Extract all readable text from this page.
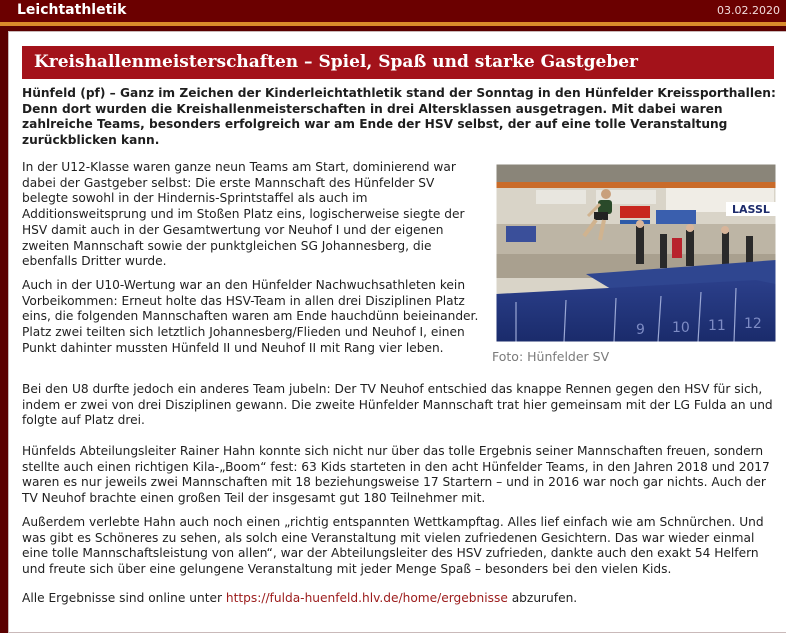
Leichtathletik	03.02.2020
Kreishallenmeisterschaften – Spiel, Spaß und starke Gastgeber
Hünfeld (pf) – Ganz im Zeichen der Kinderleichtathletik stand der Sonntag in den Hünfelder Kreissporthallen: Denn dort wurden die Kreishallenmeisterschaften in drei Altersklassen ausgetragen. Mit dabei waren zahlreiche Teams, besonders erfolgreich war am Ende der HSV selbst, der auf eine tolle Veranstaltung zurückblicken kann.
In der U12-Klasse waren ganze neun Teams am Start, dominierend war dabei der Gastgeber selbst: Die erste Mannschaft des Hünfelder SV belegte sowohl in der Hindernis-Sprintstaffel als auch im Additionsweitsprung und im Stoßen Platz eins, logischerweise siegte der HSV damit auch in der Gesamtwertung vor Neuhof I und der eigenen zweiten Mannschaft sowie der punktgleichen SG Johannesberg, die ebenfalls Dritter wurde.
Auch in der U10-Wertung war an den Hünfelder Nachwuchsathleten kein Vorbeikommen: Erneut holte das HSV-Team in allen drei Disziplinen Platz eins, die folgenden Mannschaften waren am Ende hauchdünn beieinander. Platz zwei teilten sich letztlich Johannesberg/Flieden und Neuhof I, einen Punkt dahinter mussten Hünfeld II und Neuhof II mit Rang vier leben.
LASSL
9 10 11 12
Foto: Hünfelder SV
Bei den U8 durfte jedoch ein anderes Team jubeln: Der TV Neuhof entschied das knappe Rennen gegen den HSV für sich, indem er zwei von drei Disziplinen gewann. Die zweite Hünfelder Mannschaft trat hier gemeinsam mit der LG Fulda an und folgte auf Platz drei.
Hünfelds Abteilungsleiter Rainer Hahn konnte sich nicht nur über das tolle Ergebnis seiner Mannschaften freuen, sondern stellte auch einen richtigen Kila-„Boom“ fest: 63 Kids starteten in den acht Hünfelder Teams, in den Jahren 2018 und 2017 waren es nur jeweils zwei Mannschaften mit 18 beziehungsweise 17 Startern – und in 2016 war noch gar nichts. Auch der TV Neuhof brachte einen großen Teil der insgesamt gut 180 Teilnehmer mit.
Außerdem verlebte Hahn auch noch einen „richtig entspannten Wettkampftag. Alles lief einfach wie am Schnürchen. Und was gibt es Schöneres zu sehen, als solch eine Veranstaltung mit vielen zufriedenen Gesichtern. Das war wieder einmal eine tolle Mannschaftsleistung von allen“, war der Abteilungsleiter des HSV zufrieden, dankte auch den exakt 54 Helfern und freute sich über eine gelungene Veranstaltung mit jeder Menge Spaß – besonders bei den vielen Kids.
Alle Ergebnisse sind online unter https://fulda-huenfeld.hlv.de/home/ergebnisse abzurufen.
